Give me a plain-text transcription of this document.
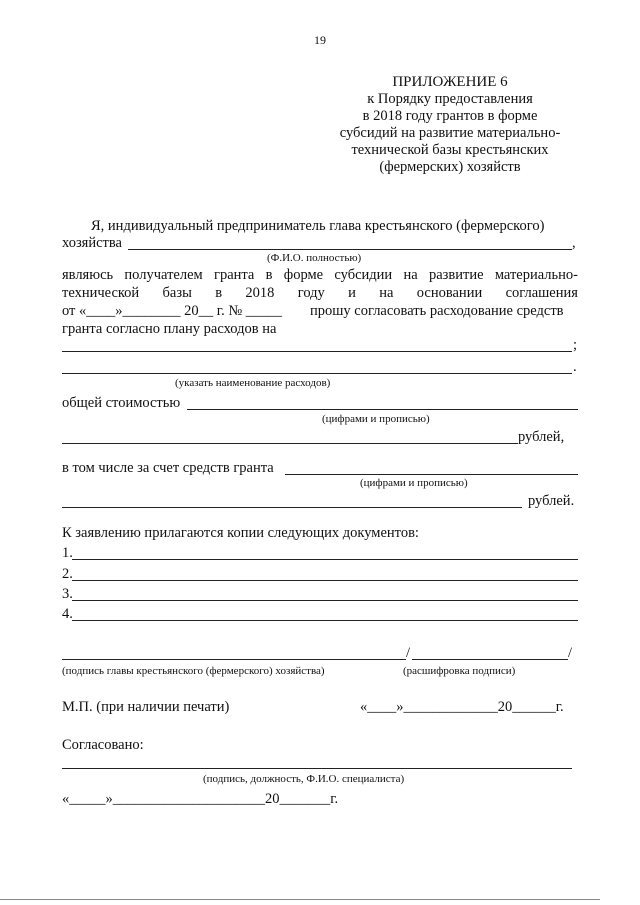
19
ПРИЛОЖЕНИЕ 6
к Порядку предоставления
в 2018 году грантов в форме
субсидий на развитие материально-
технической базы крестьянских
(фермерских) хозяйств
Я, индивидуальный предприниматель глава крестьянского (фермерского)
хозяйства	,
(Ф.И.О. полностью)
являюсь получателем гранта в форме субсидии на развитие материально-
технической базы в 2018 году и на основании соглашения
от «____»________ 20__ г. № _____ прошу согласовать расходование средств
гранта согласно плану расходов на
;
.
(указать наименование расходов)
общей стоимостью
(цифрами и прописью)
рублей,
в том числе за счет средств гранта
(цифрами и прописью)
рублей.
К заявлению прилагаются копии следующих документов:
1.
2.
3.
4.
/	/
(подпись главы крестьянского (фермерского) хозяйства)	(расшифровка подписи)
М.П. (при наличии печати)	«____»_____________20______г.
Согласовано:
(подпись, должность, Ф.И.О. специалиста)
«_____»_____________________20_______г.
